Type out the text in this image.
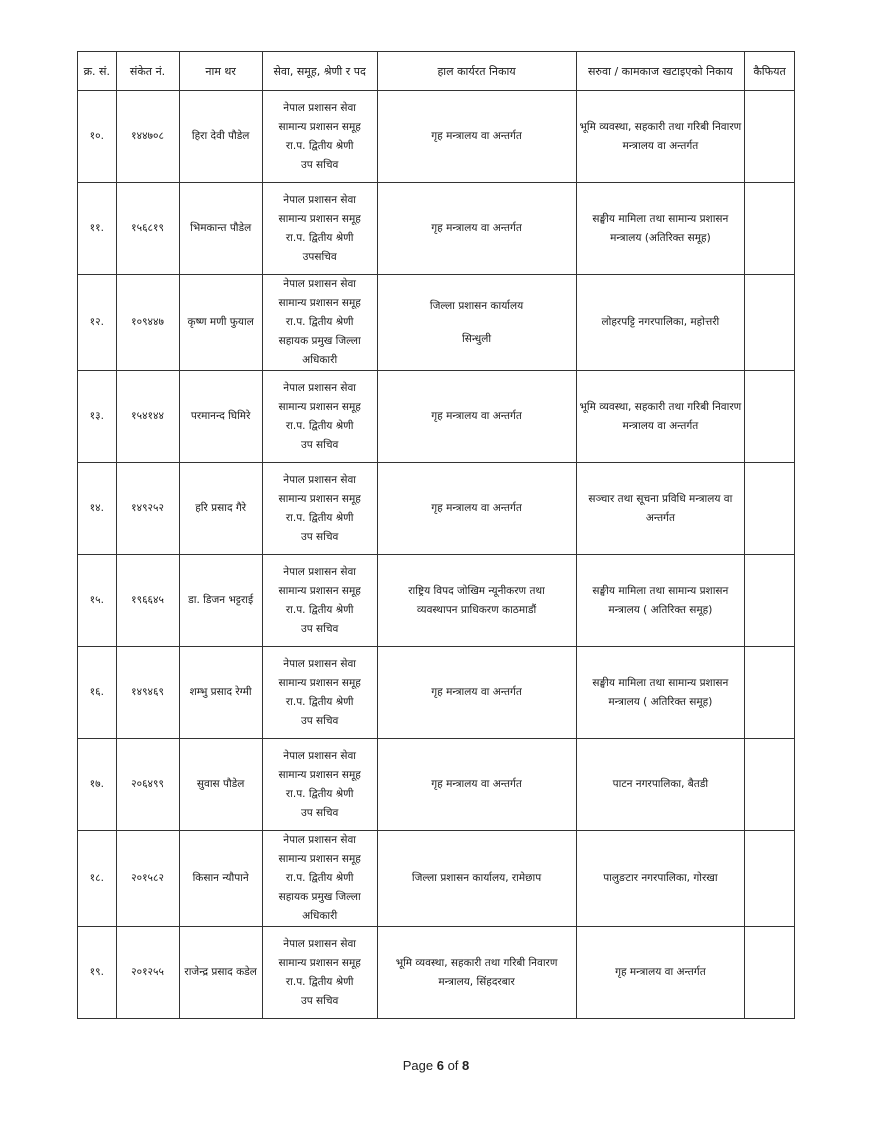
क्र. सं.	संकेत नं.	नाम थर	सेवा, समूह, श्रेणी र पद	हाल कार्यरत निकाय	सरुवा / कामकाज खटाइएको निकाय	कैफियत
१०.	१४४७०८	हिरा देवी पौडेल	नेपाल प्रशासन सेवा
सामान्य प्रशासन समूह
रा.प. द्वितीय श्रेणी
उप सचिव	गृह मन्त्रालय वा अन्तर्गत	भूमि व्यवस्था, सहकारी तथा गरिबी निवारण मन्त्रालय वा अन्तर्गत	
११.	१५६८१९	भिमकान्त पौडेल	नेपाल प्रशासन सेवा
सामान्य प्रशासन समूह
रा.प. द्वितीय श्रेणी
उपसचिव	गृह मन्त्रालय वा अन्तर्गत	सङ्घीय मामिला तथा सामान्य प्रशासन मन्त्रालय (अतिरिक्त समूह)	
१२.	१०९४४७	कृष्ण मणी फुयाल	नेपाल प्रशासन सेवा
सामान्य प्रशासन समूह
रा.प. द्वितीय श्रेणी
सहायक प्रमुख जिल्ला
अधिकारी	जिल्ला प्रशासन कार्यालय
सिन्धुली	लोहरपट्टि नगरपालिका, महोत्तरी	
१३.	१५४१४४	परमानन्द घिमिरे	नेपाल प्रशासन सेवा
सामान्य प्रशासन समूह
रा.प. द्वितीय श्रेणी
उप सचिव	गृह मन्त्रालय वा अन्तर्गत	भूमि व्यवस्था, सहकारी तथा गरिबी निवारण मन्त्रालय वा अन्तर्गत	
१४.	१४९२५२	हरि प्रसाद गैरे	नेपाल प्रशासन सेवा
सामान्य प्रशासन समूह
रा.प. द्वितीय श्रेणी
उप सचिव	गृह मन्त्रालय वा अन्तर्गत	सञ्चार तथा सूचना प्रविधि मन्त्रालय वा अन्तर्गत	
१५.	१९६६४५	डा. डिजन भट्टराई	नेपाल प्रशासन सेवा
सामान्य प्रशासन समूह
रा.प. द्वितीय श्रेणी
उप सचिव	राष्ट्रिय विपद जोखिम न्यूनीकरण तथा
व्यवस्थापन प्राधिकरण काठमाडौं	सङ्घीय मामिला तथा सामान्य प्रशासन मन्त्रालय ( अतिरिक्त समूह)	
१६.	१४९४६९	शम्भु प्रसाद रेग्मी	नेपाल प्रशासन सेवा
सामान्य प्रशासन समूह
रा.प. द्वितीय श्रेणी
उप सचिव	गृह मन्त्रालय वा अन्तर्गत	सङ्घीय मामिला तथा सामान्य प्रशासन मन्त्रालय ( अतिरिक्त समूह)	
१७.	२०६४९९	सुवास पौडेल	नेपाल प्रशासन सेवा
सामान्य प्रशासन समूह
रा.प. द्वितीय श्रेणी
उप सचिव	गृह मन्त्रालय वा अन्तर्गत	पाटन नगरपालिका, बैतडी	
१८.	२०१५८२	किसान न्यौपाने	नेपाल प्रशासन सेवा
सामान्य प्रशासन समूह
रा.प. द्वितीय श्रेणी
सहायक प्रमुख जिल्ला
अधिकारी	जिल्ला प्रशासन कार्यालय, रामेछाप	पालुङटार नगरपालिका, गोरखा	
१९.	२०१२५५	राजेन्द्र प्रसाद कडेल	नेपाल प्रशासन सेवा
सामान्य प्रशासन समूह
रा.प. द्वितीय श्रेणी
उप सचिव	भूमि व्यवस्था, सहकारी तथा गरिबी निवारण
मन्त्रालय, सिंहदरबार	गृह मन्त्रालय वा अन्तर्गत	
Page 6 of 8
